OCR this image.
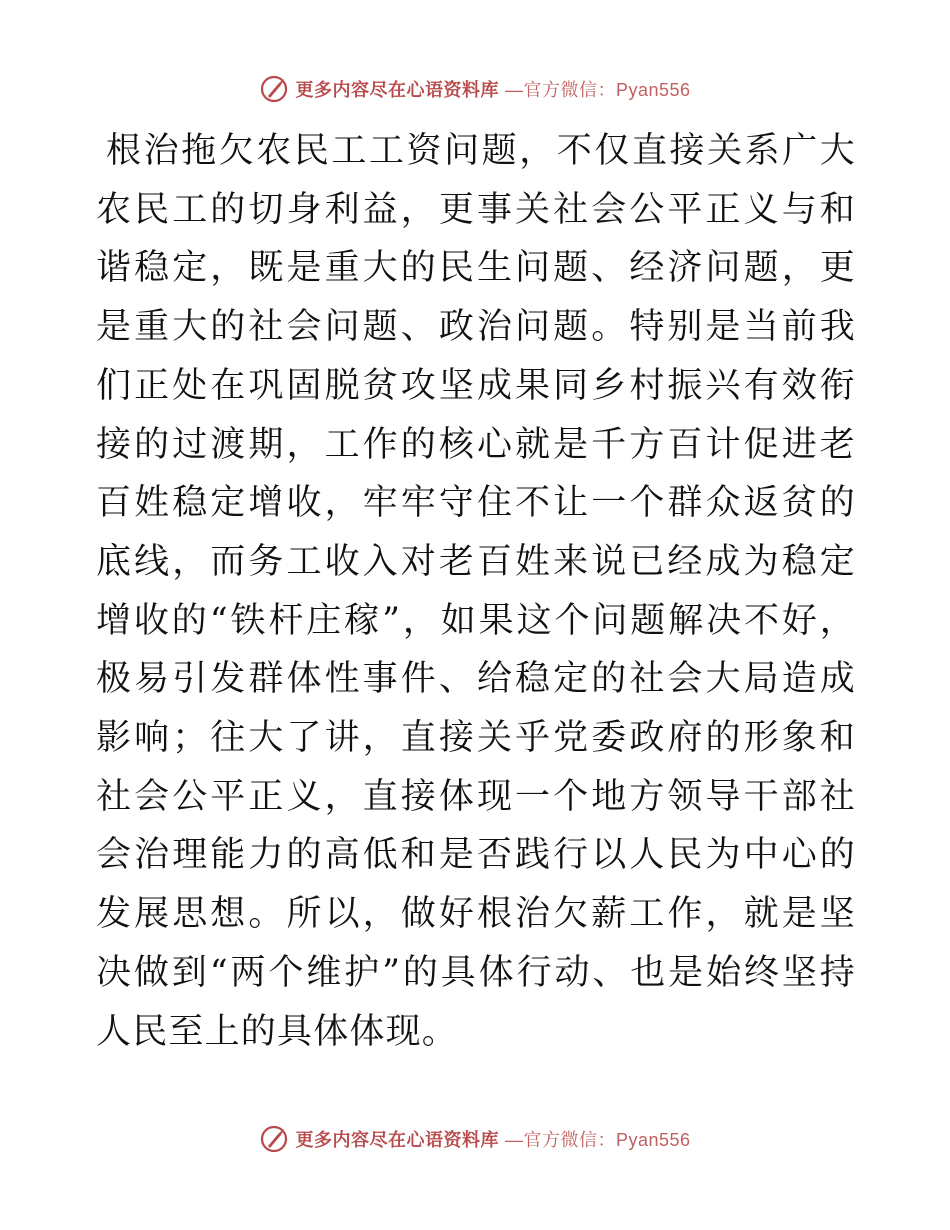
更多内容尽在心语资料库 —官方微信：Pyan556

根治拖欠农民工工资问题，不仅直接关系广大农民工的切身利益，更事关社会公平正义与和谐稳定，既是重大的民生问题、经济问题，更是重大的社会问题、政治问题。特别是当前我们正处在巩固脱贫攻坚成果同乡村振兴有效衔接的过渡期，工作的核心就是千方百计促进老百姓稳定增收，牢牢守住不让一个群众返贫的底线，而务工收入对老百姓来说已经成为稳定增收的“铁杆庄稼”，如果这个问题解决不好，极易引发群体性事件、给稳定的社会大局造成影响；往大了讲，直接关乎党委政府的形象和社会公平正义，直接体现一个地方领导干部社会治理能力的高低和是否践行以人民为中心的发展思想。所以，做好根治欠薪工作，就是坚决做到“两个维护”的具体行动、也是始终坚持人民至上的具体体现。

更多内容尽在心语资料库 —官方微信：Pyan556
